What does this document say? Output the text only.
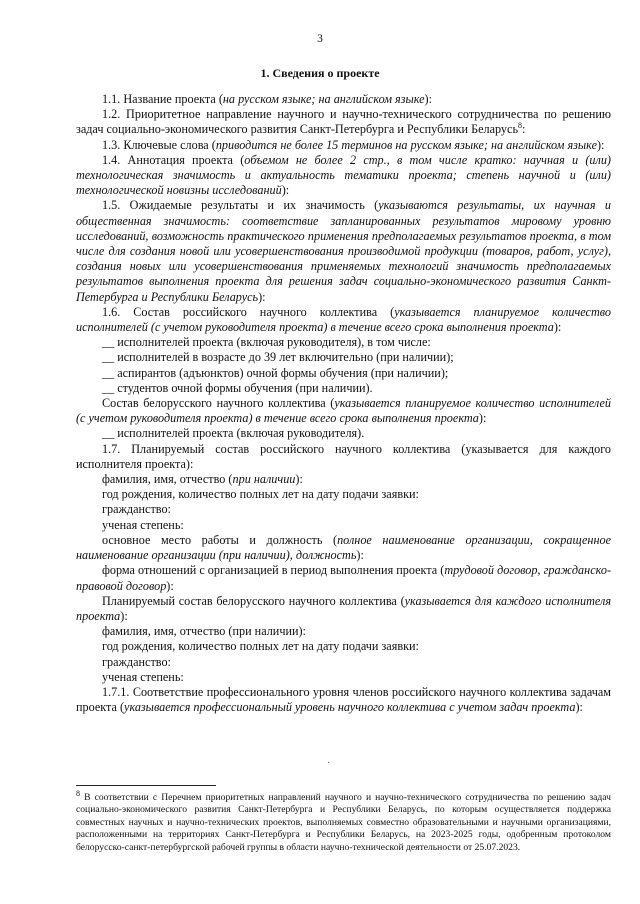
3
1. Сведения о проекте

1.1. Название проекта (на русском языке; на английском языке):

1.2. Приоритетное направление научного и научно-технического сотрудничества по решению задач социально-экономического развития Санкт-Петербурга и Республики Беларусь$^8$:

1.3. Ключевые слова (приводится не более 15 терминов на русском языке; на английском языке):

1.4. Аннотация проекта (объемом не более 2 стр., в том числе кратко: научная и (или) технологическая значимость и актуальность тематики проекта; степень научной и (или) технологической новизны исследований):

1.5. Ожидаемые результаты и их значимость (указываются результаты, их научная и общественная значимость: соответствие запланированных результатов мировому уровню исследований, возможность практического применения предполагаемых результатов проекта, в том числе для создания новой или усовершенствования производимой продукции (товаров, работ, услуг), создания новых или усовершенствования применяемых технологий значимость предполагаемых результатов выполнения проекта для решения задач социально-экономического развития Санкт-Петербурга и Республики Беларусь):

1.6. Состав российского научного коллектива (указывается планируемое количество исполнителей (с учетом руководителя проекта) в течение всего срока выполнения проекта):

__ исполнителей проекта (включая руководителя), в том числе:

__ исполнителей в возрасте до 39 лет включительно (при наличии);

__ аспирантов (адъюнктов) очной формы обучения (при наличии);

__ студентов очной формы обучения (при наличии).

Состав белорусского научного коллектива (указывается планируемое количество исполнителей (с учетом руководителя проекта) в течение всего срока выполнения проекта):

__ исполнителей проекта (включая руководителя).

1.7. Планируемый состав российского научного коллектива (указывается для каждого исполнителя проекта):

фамилия, имя, отчество (при наличии):

год рождения, количество полных лет на дату подачи заявки:

гражданство:

ученая степень:

основное место работы и должность (полное наименование организации, сокращенное наименование организации (при наличии), должность):

форма отношений с организацией в период выполнения проекта (трудовой договор, гражданско-правовой договор):

Планируемый состав белорусского научного коллектива (указывается для каждого исполнителя проекта):

фамилия, имя, отчество (при наличии):

год рождения, количество полных лет на дату подачи заявки:

гражданство:

ученая степень:

1.7.1. Соответствие профессионального уровня членов российского научного коллектива задачам проекта (указывается профессиональный уровень научного коллектива с учетом задач проекта):

·
$^8$ В соответствии с Перечнем приоритетных направлений научного и научно-технического сотрудничества по решению задач социально-экономического развития Санкт-Петербурга и Республики Беларусь, по которым осуществляется поддержка совместных научных и научно-технических проектов, выполняемых совместно образовательными и научными организациями, расположенными на территориях Санкт-Петербурга и Республики Беларусь, на 2023-2025 годы, одобренным протоколом белорусско-санкт-петербургской рабочей группы в области научно-технической деятельности от 25.07.2023.
